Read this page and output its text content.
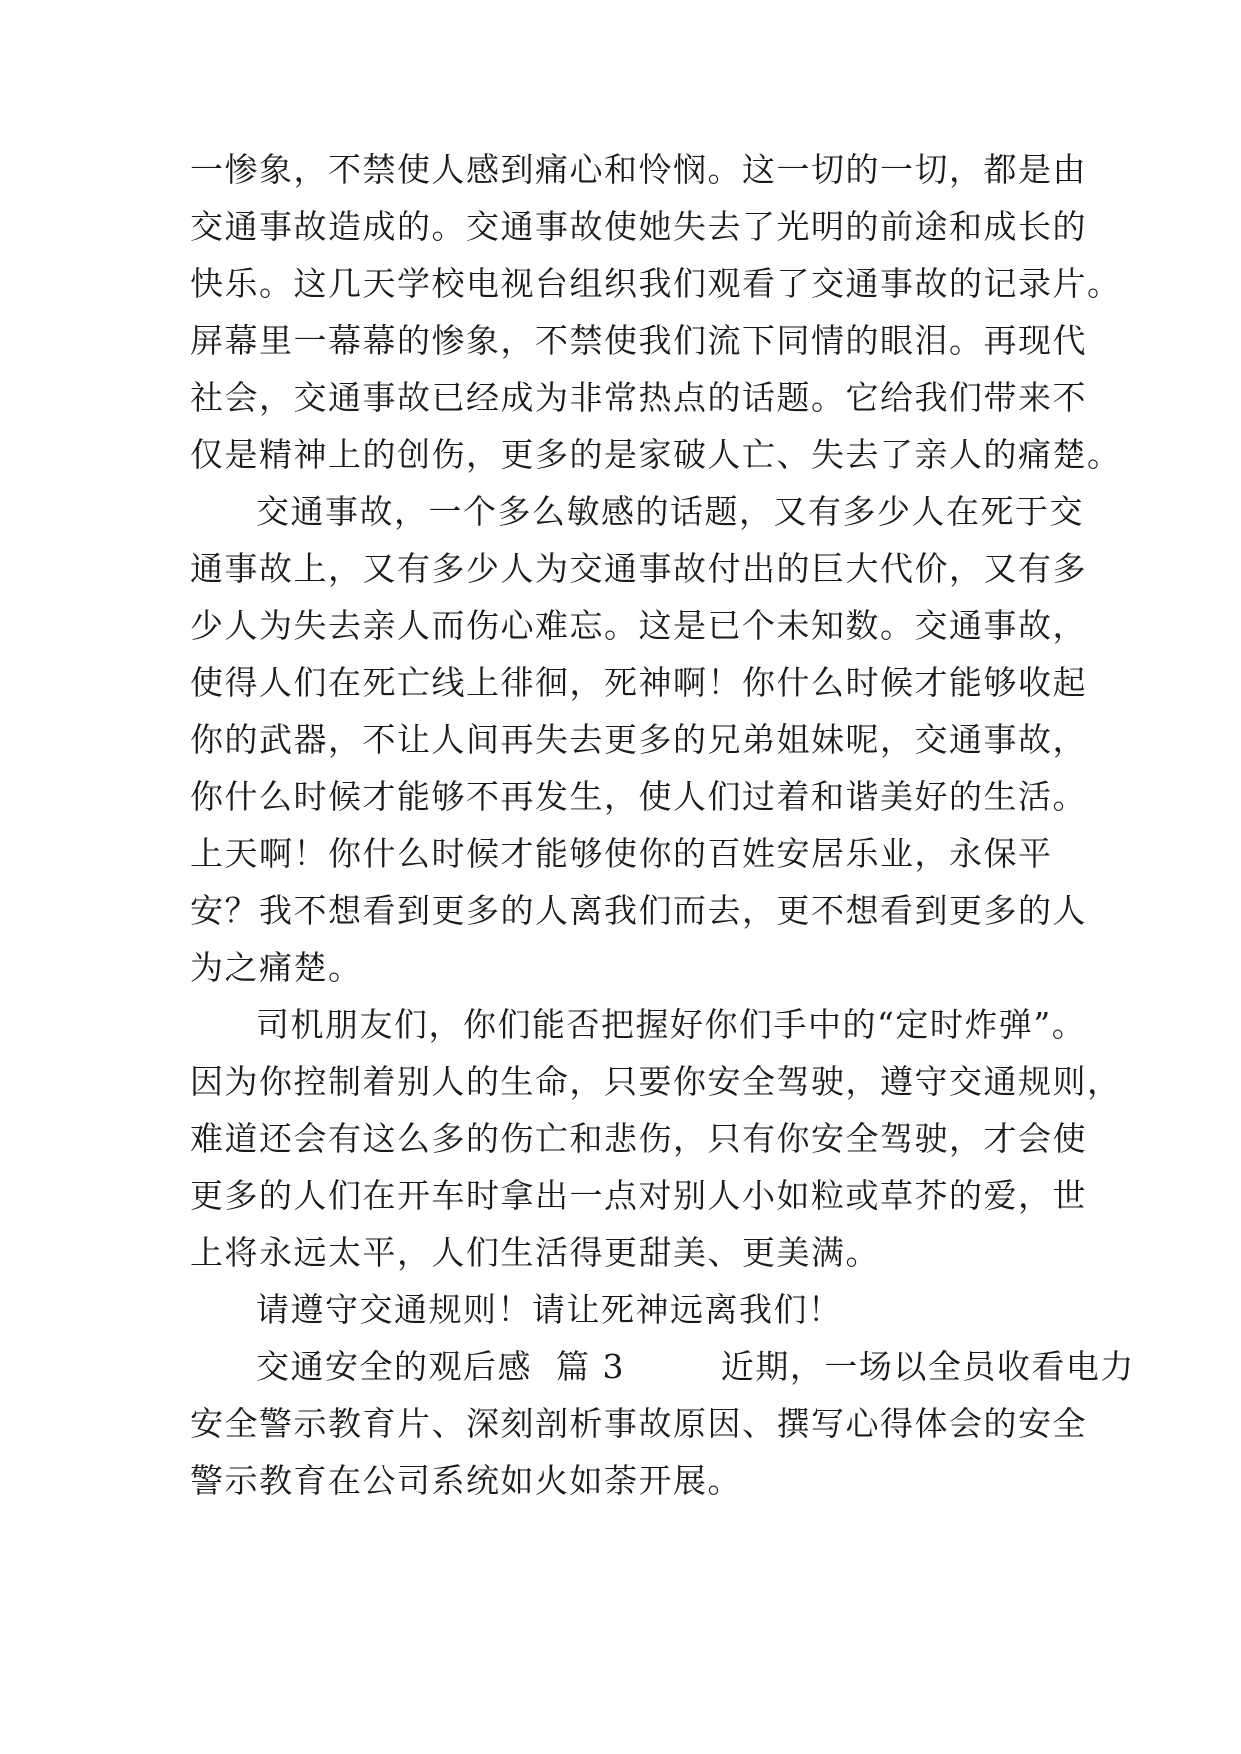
一惨象，不禁使人感到痛心和怜悯。这一切的一切，都是由
交通事故造成的。交通事故使她失去了光明的前途和成长的
快乐。这几天学校电视台组织我们观看了交通事故的记录片。
屏幕里一幕幕的惨象，不禁使我们流下同情的眼泪。再现代
社会，交通事故已经成为非常热点的话题。它给我们带来不
仅是精神上的创伤，更多的是家破人亡、失去了亲人的痛楚。
交通事故，一个多么敏感的话题，又有多少人在死于交
通事故上，又有多少人为交通事故付出的巨大代价，又有多
少人为失去亲人而伤心难忘。这是已个未知数。交通事故，
使得人们在死亡线上徘徊，死神啊！你什么时候才能够收起
你的武器，不让人间再失去更多的兄弟姐妹呢，交通事故，
你什么时候才能够不再发生，使人们过着和谐美好的生活。
上天啊！你什么时候才能够使你的百姓安居乐业，永保平
安？我不想看到更多的人离我们而去，更不想看到更多的人
为之痛楚。
司机朋友们，你们能否把握好你们手中的“定时炸弹”。
因为你控制着别人的生命，只要你安全驾驶，遵守交通规则，
难道还会有这么多的伤亡和悲伤，只有你安全驾驶，才会使
更多的人们在开车时拿出一点对别人小如粒或草芥的爱，世
上将永远太平，人们生活得更甜美、更美满。
请遵守交通规则！请让死神远离我们！
交通安全的观后感  篇 3        近期，一场以全员收看电力
安全警示教育片、深刻剖析事故原因、撰写心得体会的安全
警示教育在公司系统如火如荼开展。
